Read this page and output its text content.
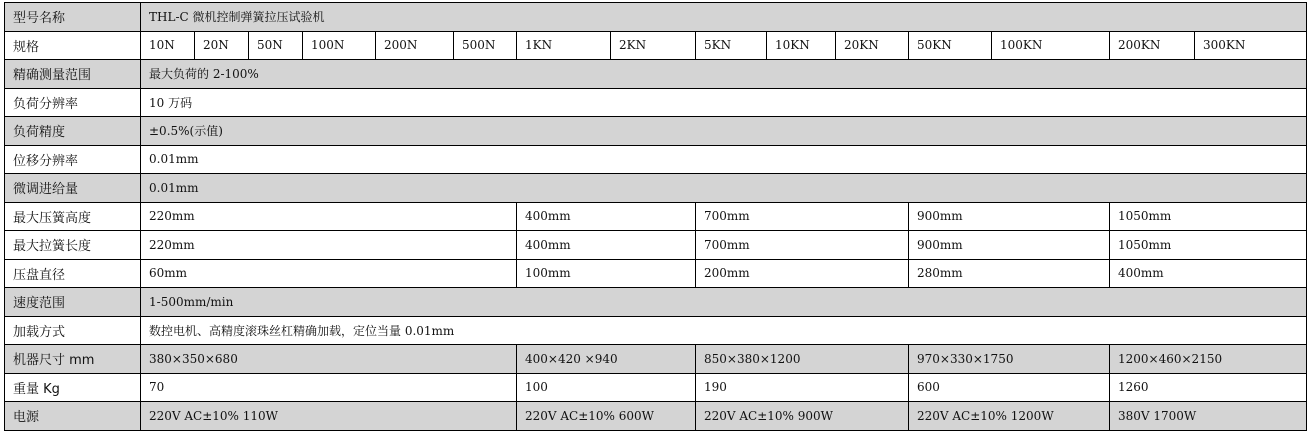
型号名称	THL-C 微机控制弹簧拉压试验机														
规格	10N	20N	50N	100N	200N	500N	1KN	2KN	5KN	10KN	20KN	50KN	100KN	200KN	300KN
精确测量范围	最大负荷的 2-100%														
负荷分辨率	10 万码														
负荷精度	±0.5%(示值)														
位移分辨率	0.01mm														
微调进给量	0.01mm														
最大压簧高度	220mm						400mm		700mm			900mm		1050mm	
最大拉簧长度	220mm						400mm		700mm			900mm		1050mm	
压盘直径	60mm						100mm		200mm			280mm		400mm	
速度范围	1-500mm/min														
加载方式	数控电机、高精度滚珠丝杠精确加载，定位当量 0.01mm														
机器尺寸 mm	380×350×680						400×420 ×940		850×380×1200			970×330×1750		1200×460×2150	
重量 Kg	70						100		190			600		1260	
电源	220V AC±10% 110W						220V AC±10% 600W		220V AC±10% 900W			220V AC±10% 1200W		380V 1700W	
